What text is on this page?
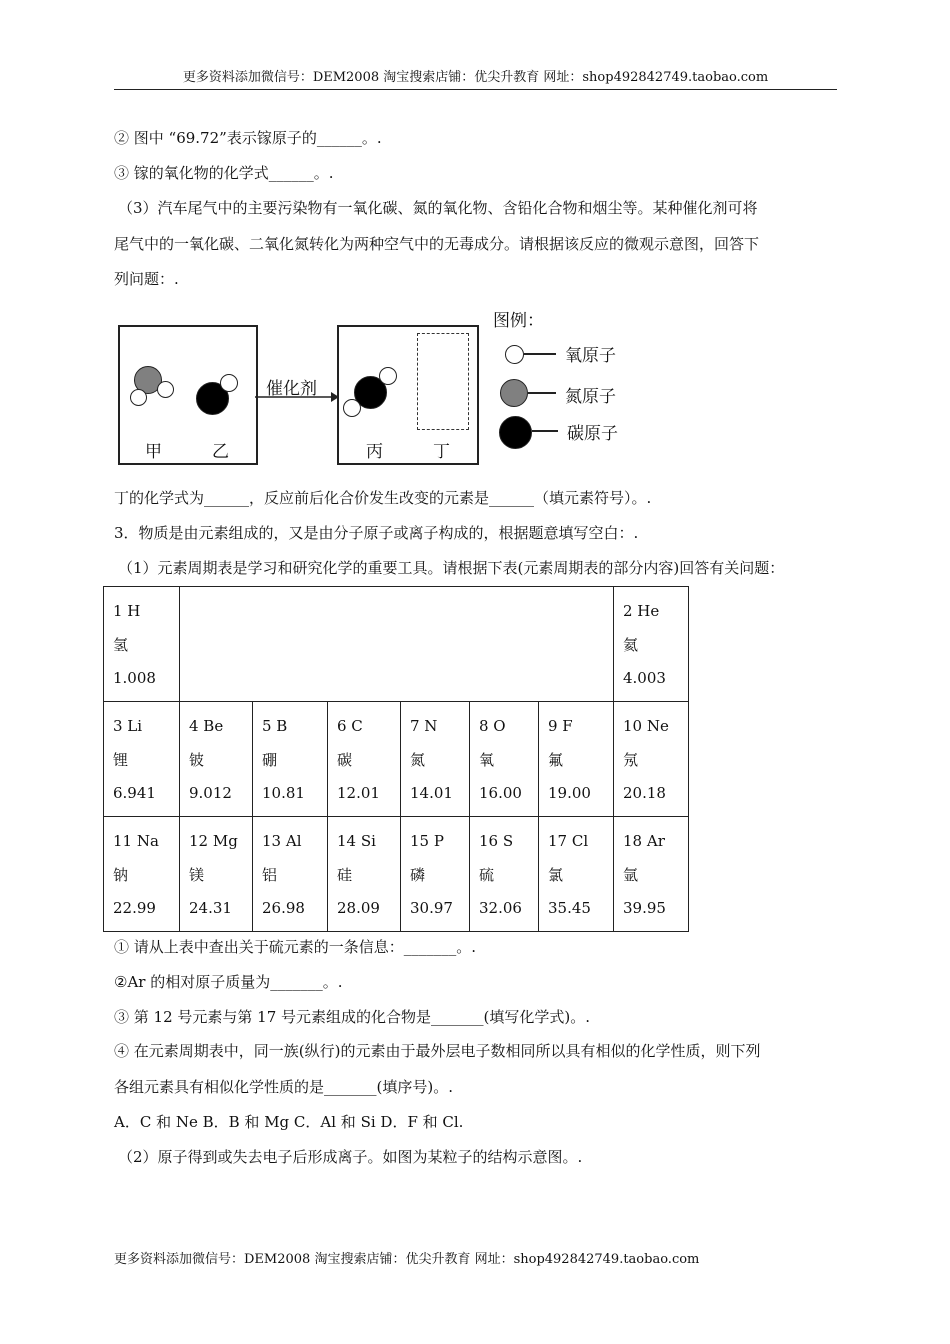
更多资料添加微信号：DEM2008 淘宝搜索店铺：优尖升教育 网址：shop492842749.taobao.com
② 图中 “69.72”表示镓原子的______。.
③ 镓的氧化物的化学式______。.
（3）汽车尾气中的主要污染物有一氧化碳、氮的氧化物、含铅化合物和烟尘等。某种催化剂可将
尾气中的一氧化碳、二氧化氮转化为两种空气中的无毒成分。请根据该反应的微观示意图，回答下
列问题：.
甲	乙
催化剂
丙	丁
图例：
氧原子
氮原子
碳原子
丁的化学式为______，反应前后化合价发生改变的元素是______（填元素符号）。.
3．物质是由元素组成的，又是由分子原子或离子构成的，根据题意填写空白：.
（1）元素周期表是学习和研究化学的重要工具。请根据下表(元素周期表的部分内容)回答有关问题：
1 H
氢
1.008							2 He
氦
4.003

3 Li
锂
6.941	4 Be
铍
9.012	5 B
硼
10.81	6 C
碳
12.01	7 N
氮
14.01	8 O
氧
16.00	9 F
氟
19.00	10 Ne
氖
20.18

11 Na
钠
22.99	12 Mg
镁
24.31	13 Al
铝
26.98	14 Si
硅
28.09	15 P
磷
30.97	16 S
硫
32.06	17 Cl
氯
35.45	18 Ar
氩
39.95
① 请从上表中查出关于硫元素的一条信息：_______。.
②Ar 的相对原子质量为_______。.
③ 第 12 号元素与第 17 号元素组成的化合物是_______(填写化学式)。.
④ 在元素周期表中，同一族(纵行)的元素由于最外层电子数相同所以具有相似的化学性质，则下列
各组元素具有相似化学性质的是_______(填序号)。.
A．C 和 Ne B．B 和 Mg C．Al 和 Si D．F 和 Cl.
（2）原子得到或失去电子后形成离子。如图为某粒子的结构示意图。.
更多资料添加微信号：DEM2008 淘宝搜索店铺：优尖升教育 网址：shop492842749.taobao.com
